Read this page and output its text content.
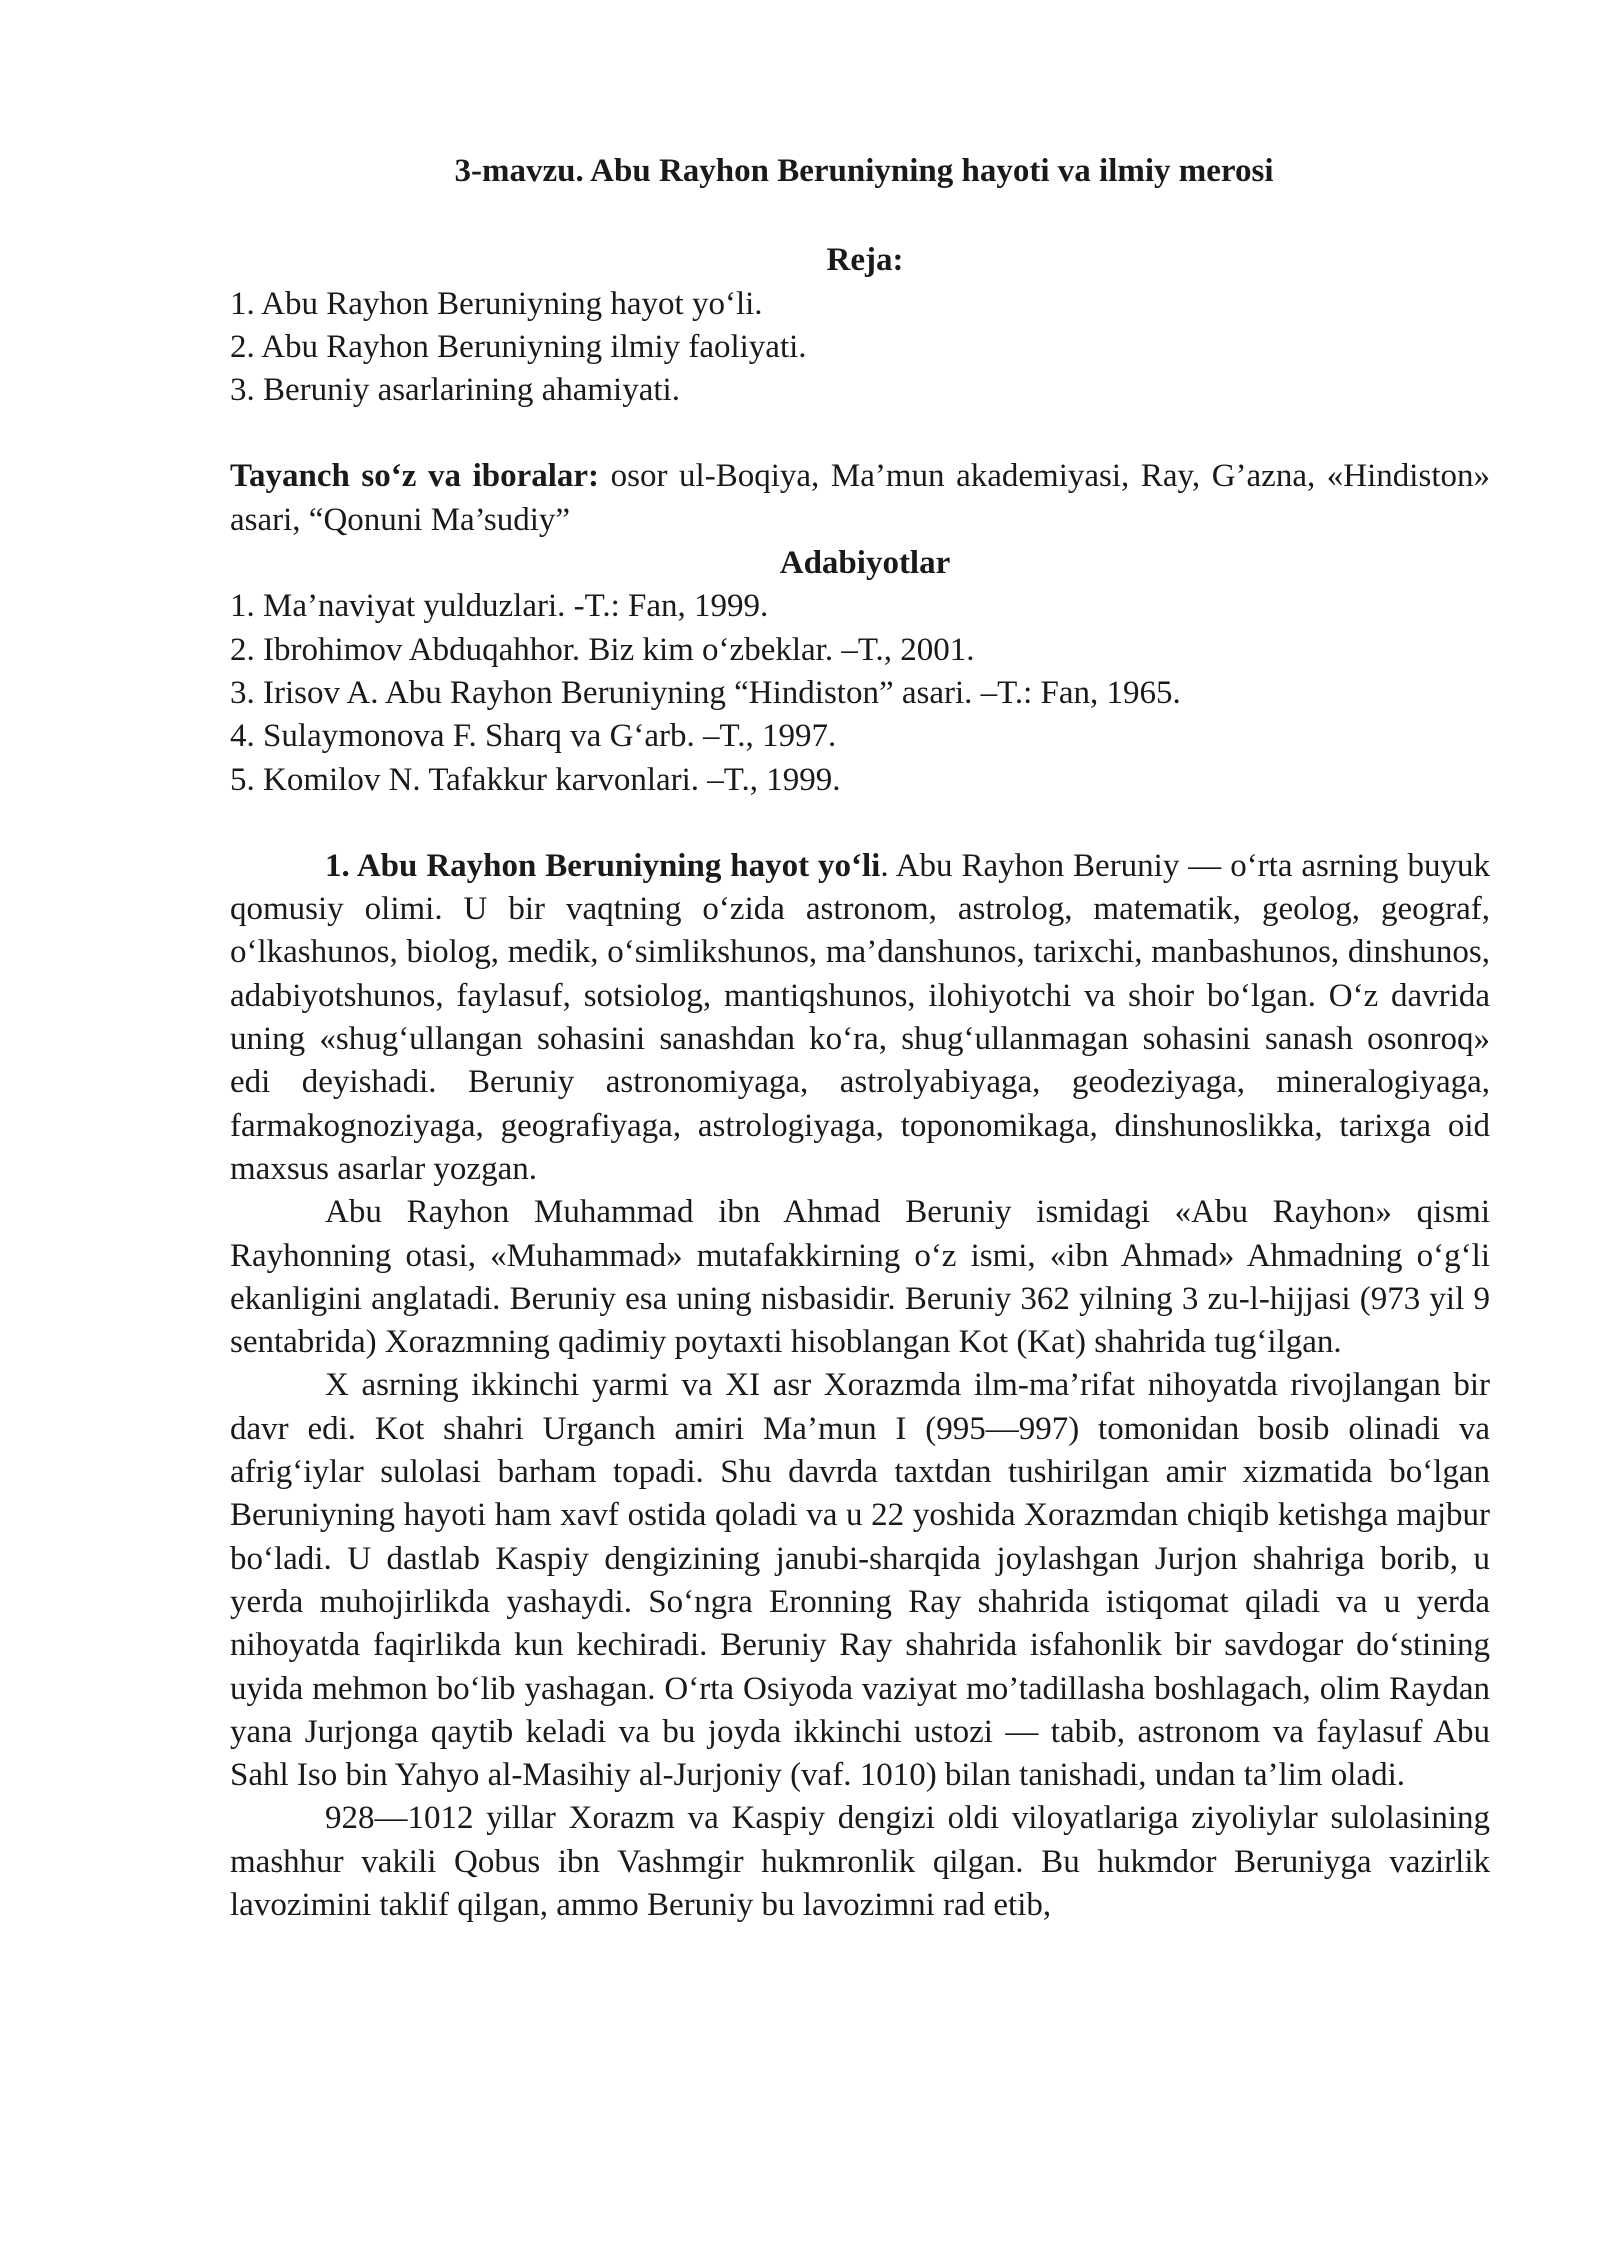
3-mavzu. Abu Rayhon Beruniyning hayoti va ilmiy merosi

Reja:

1. Abu Rayhon Beruniyning hayot yo‘li.
2. Abu Rayhon Beruniyning ilmiy faoliyati.
3. Beruniy asarlarining ahamiyati.

Tayanch so‘z va iboralar: osor ul-Boqiya, Ma’mun akademiyasi, Ray, G’azna, «Hindiston» asari, “Qonuni Ma’sudiy”

Adabiyotlar

1. Ma’naviyat yulduzlari. -T.: Fan, 1999.
2. Ibrohimov Abduqahhor. Biz kim o‘zbeklar. –T., 2001.
3. Irisov A. Abu Rayhon Beruniyning “Hindiston” asari. –T.: Fan, 1965.
4. Sulaymonova F. Sharq va G‘arb. –T., 1997.
5. Komilov N. Tafakkur karvonlari. –T., 1999.

1. Abu Rayhon Beruniyning hayot yo‘li. Abu Rayhon Beruniy — o‘rta asrning buyuk qomusiy olimi. U bir vaqtning o‘zida astronom, astrolog, matematik, geolog, geograf, o‘lkashunos, biolog, medik, o‘simlikshunos, ma’danshunos, tarixchi, manbashunos, dinshunos, adabiyotshunos, faylasuf, sotsiolog, mantiqshunos, ilohiyotchi va shoir bo‘lgan. O‘z davrida uning «shug‘ullangan sohasini sanashdan ko‘ra, shug‘ullanmagan sohasini sanash osonroq» edi deyishadi. Beruniy astronomiyaga, astrolyabiyaga, geodeziyaga, mineralogiyaga, farmakognoziyaga, geografiyaga, astrologiyaga, toponomikaga, dinshunoslikka, tarixga oid maxsus asarlar yozgan.

Abu Rayhon Muhammad ibn Ahmad Beruniy ismidagi «Abu Rayhon» qismi Rayhonning otasi, «Muhammad» mutafakkirning o‘z ismi, «ibn Ahmad» Ahmadning o‘g‘li ekanligini anglatadi. Beruniy esa uning nisbasidir. Beruniy 362 yilning 3 zu-l-hijjasi (973 yil 9 sentabrida) Xorazmning qadimiy poytaxti hisoblangan Kot (Kat) shahrida tug‘ilgan.

X asrning ikkinchi yarmi va XI asr Xorazmda ilm-ma’rifat nihoyatda rivojlangan bir davr edi. Kot shahri Urganch amiri Ma’mun I (995—997) tomonidan bosib olinadi va afrig‘iylar sulolasi barham topadi. Shu davrda taxtdan tushirilgan amir xizmatida bo‘lgan Beruniyning hayoti ham xavf ostida qoladi va u 22 yoshida Xorazmdan chiqib ketishga majbur bo‘ladi. U dastlab Kaspiy dengizining janubi-sharqida joylashgan Jurjon shahriga borib, u yerda muhojirlikda yashaydi. So‘ngra Eronning Ray shahrida istiqomat qiladi va u yerda nihoyatda faqirlikda kun kechiradi. Beruniy Ray shahrida isfahonlik bir savdogar do‘stining uyida mehmon bo‘lib yashagan. O‘rta Osiyoda vaziyat mo’tadillasha boshlagach, olim Raydan yana Jurjonga qaytib keladi va bu joyda ikkinchi ustozi — tabib, astronom va faylasuf Abu Sahl Iso bin Yahyo al-Masihiy al-Jurjoniy (vaf. 1010) bilan tanishadi, undan ta’lim oladi.

928—1012 yillar Xorazm va Kaspiy dengizi oldi viloyatlariga ziyoliylar sulolasining mashhur vakili Qobus ibn Vashmgir hukmronlik qilgan. Bu hukmdor Beruniyga vazirlik lavozimini taklif qilgan, ammo Beruniy bu lavozimni rad etib,
